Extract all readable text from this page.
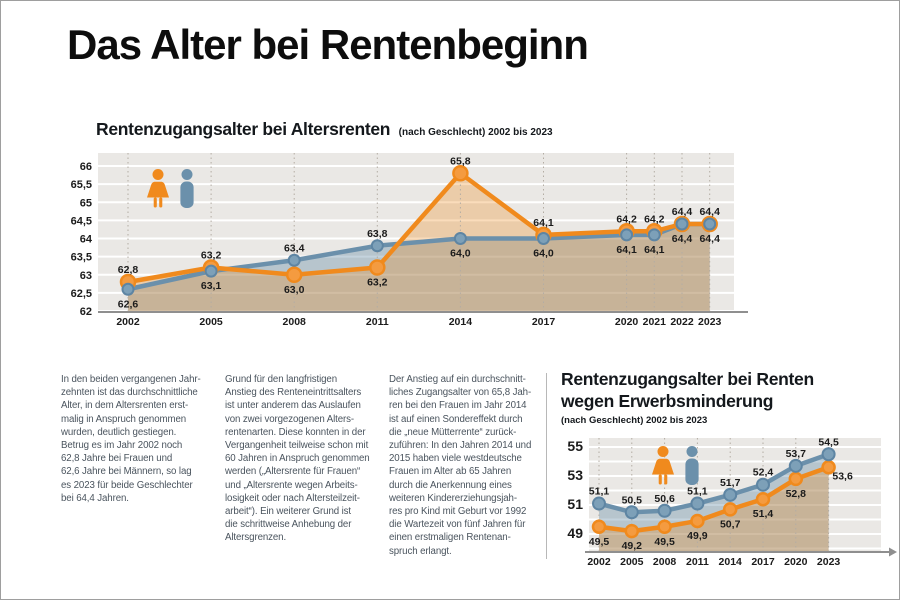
Das Alter bei Rentenbeginn
Rentenzugangsalter bei Altersrenten (nach Geschlecht) 2002 bis 2023
62,8
62,6
63,2
63,1
63,4
63,0
63,8
63,2
65,8
64,0
64,1
64,0
64,2
64,1
64,2
64,1
64,4
64,4
64,4
64,4
66
65,5
65
64,5
64
63,5
63
62,5
62
2002	2005	2008	2011	2014	2017	2020 2021 2022 2023
In den beiden vergangenen Jahr-
zehnten ist das durchschnittliche
Alter, in dem Altersrenten erst-
malig in Anspruch genommen
wurden, deutlich gestiegen.
Betrug es im Jahr 2002 noch
62,8 Jahre bei Frauen und
62,6 Jahre bei Männern, so lag
es 2023 für beide Geschlechter
bei 64,4 Jahren.
Grund für den langfristigen
Anstieg des Renteneintrittsalters
ist unter anderem das Auslaufen
von zwei vorgezogenen Alters-
rentenarten. Diese konnten in der
Vergangenheit teilweise schon mit
60 Jahren in Anspruch genommen
werden („Altersrente für Frauen“
und „Altersrente wegen Arbeits-
losigkeit oder nach Altersteilzeit-
arbeit“). Ein weiterer Grund ist
die schrittweise Anhebung der
Altersgrenzen.
Der Anstieg auf ein durchschnitt-
liches Zugangsalter von 65,8 Jah-
ren bei den Frauen im Jahr 2014
ist auf einen Sondereffekt durch
die „neue Mütterrente“ zurück-
zuführen: In den Jahren 2014 und
2015 haben viele westdeutsche
Frauen im Alter ab 65 Jahren
durch die Anerkennung eines
weiteren Kindererziehungsjah-
res pro Kind mit Geburt vor 1992
die Wartezeit von fünf Jahren für
einen erstmaligen Rentenan-
spruch erlangt.
Rentenzugangsalter bei Renten
wegen Erwerbsminderung
(nach Geschlecht) 2002 bis 2023
51,1
49,5
50,5
49,2
50,6
49,5
51,1
49,9
51,7
50,7
52,4
51,4
53,7
52,8
54,5
53,6
55
53
51
49
2002 2005 2008 2011 2014 2017 2020 2023
